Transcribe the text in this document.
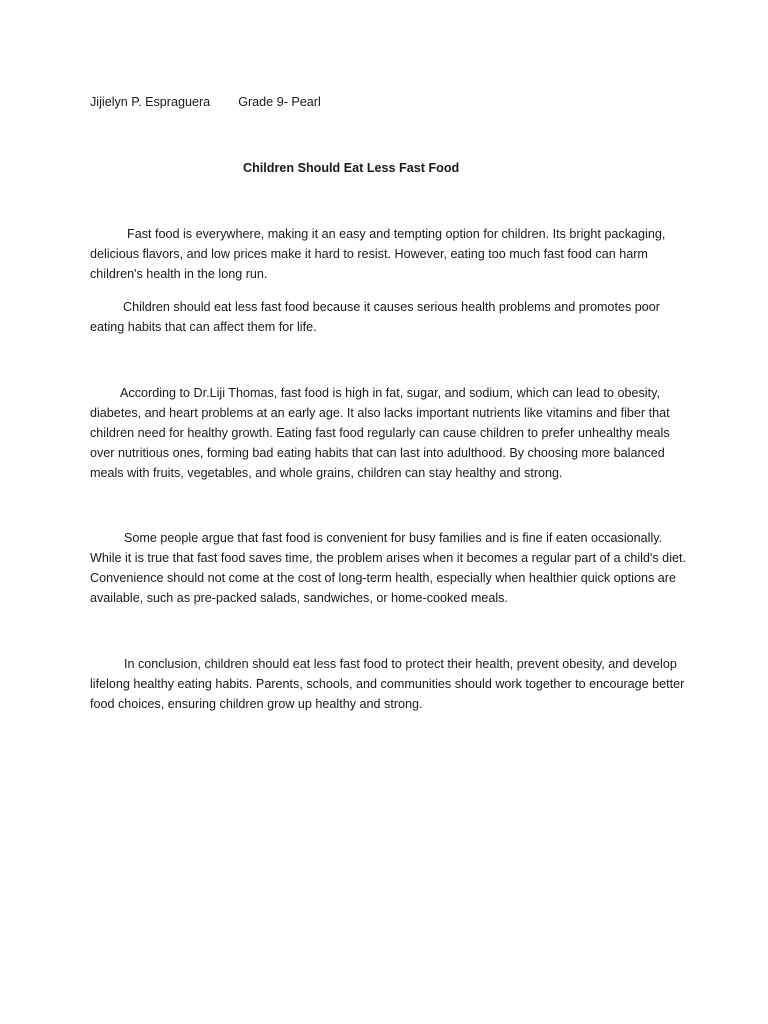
Jijielyn P. Espraguera Grade 9- Pearl
Children Should Eat Less Fast Food

Fast food is everywhere, making it an easy and tempting option for children. Its bright packaging, delicious flavors, and low prices make it hard to resist. However, eating too much fast food can harm children's health in the long run.

Children should eat less fast food because it causes serious health problems and promotes poor eating habits that can affect them for life.

According to Dr.Liji Thomas, fast food is high in fat, sugar, and sodium, which can lead to obesity, diabetes, and heart problems at an early age. It also lacks important nutrients like vitamins and fiber that children need for healthy growth. Eating fast food regularly can cause children to prefer unhealthy meals over nutritious ones, forming bad eating habits that can last into adulthood. By choosing more balanced meals with fruits, vegetables, and whole grains, children can stay healthy and strong.

Some people argue that fast food is convenient for busy families and is fine if eaten occasionally. While it is true that fast food saves time, the problem arises when it becomes a regular part of a child's diet. Convenience should not come at the cost of long-term health, especially when healthier quick options are available, such as pre-packed salads, sandwiches, or home-cooked meals.

In conclusion, children should eat less fast food to protect their health, prevent obesity, and develop lifelong healthy eating habits. Parents, schools, and communities should work together to encourage better food choices, ensuring children grow up healthy and strong.
